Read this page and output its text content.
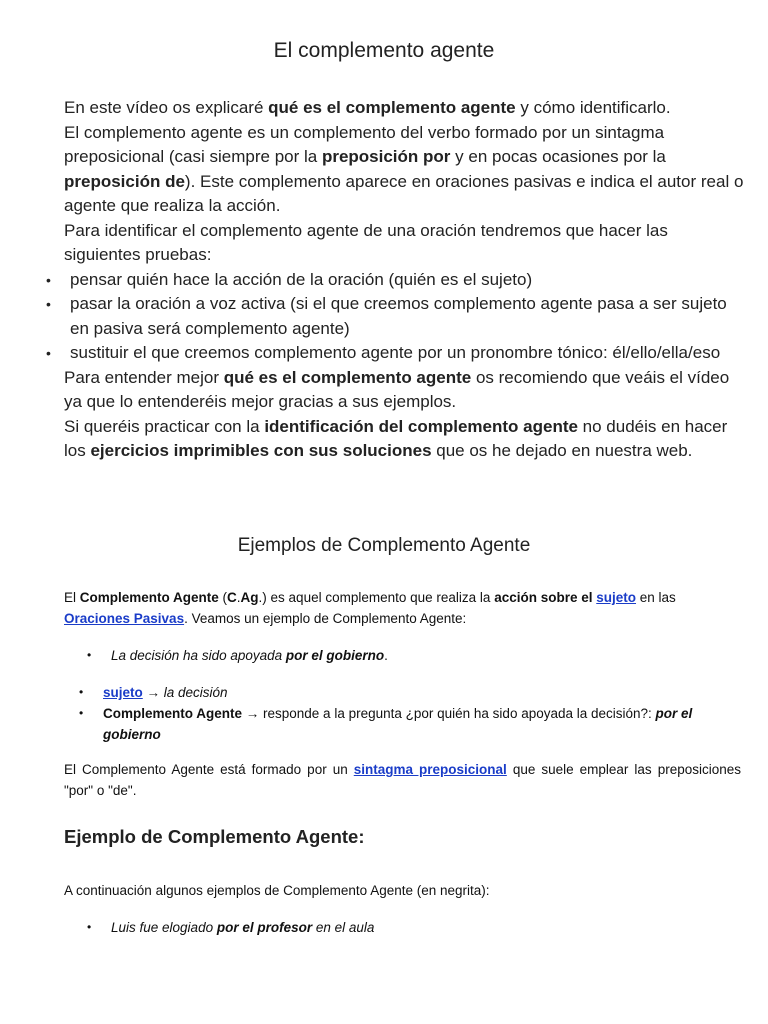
El complemento agente

En este vídeo os explicaré qué es el complemento agente y cómo identificarlo.

El complemento agente es un complemento del verbo formado por un sintagma preposicional (casi siempre por la preposición por y en pocas ocasiones por la preposición de). Este complemento aparece en oraciones pasivas e indica el autor real o agente que realiza la acción.

Para identificar el complemento agente de una oración tendremos que hacer las siguientes pruebas:

• pensar quién hace la acción de la oración (quién es el sujeto)
• pasar la oración a voz activa (si el que creemos complemento agente pasa a ser sujeto en pasiva será complemento agente)
• sustituir el que creemos complemento agente por un pronombre tónico: él/ello/ella/eso

Para entender mejor qué es el complemento agente os recomiendo que veáis el vídeo ya que lo entenderéis mejor gracias a sus ejemplos.

Si queréis practicar con la identificación del complemento agente no dudéis en hacer los ejercicios imprimibles con sus soluciones que os he dejado en nuestra web.

Ejemplos de Complemento Agente

El Complemento Agente (C.Ag.) es aquel complemento que realiza la acción sobre el sujeto en las Oraciones Pasivas. Veamos un ejemplo de Complemento Agente:

• La decisión ha sido apoyada por el gobierno.
• sujeto → la decisión
• Complemento Agente → responde a la pregunta ¿por quién ha sido apoyada la decisión?: por el gobierno

El Complemento Agente está formado por un sintagma preposicional que suele emplear las preposiciones "por" o "de".

Ejemplo de Complemento Agente:

A continuación algunos ejemplos de Complemento Agente (en negrita):

• Luis fue elogiado por el profesor en el aula
